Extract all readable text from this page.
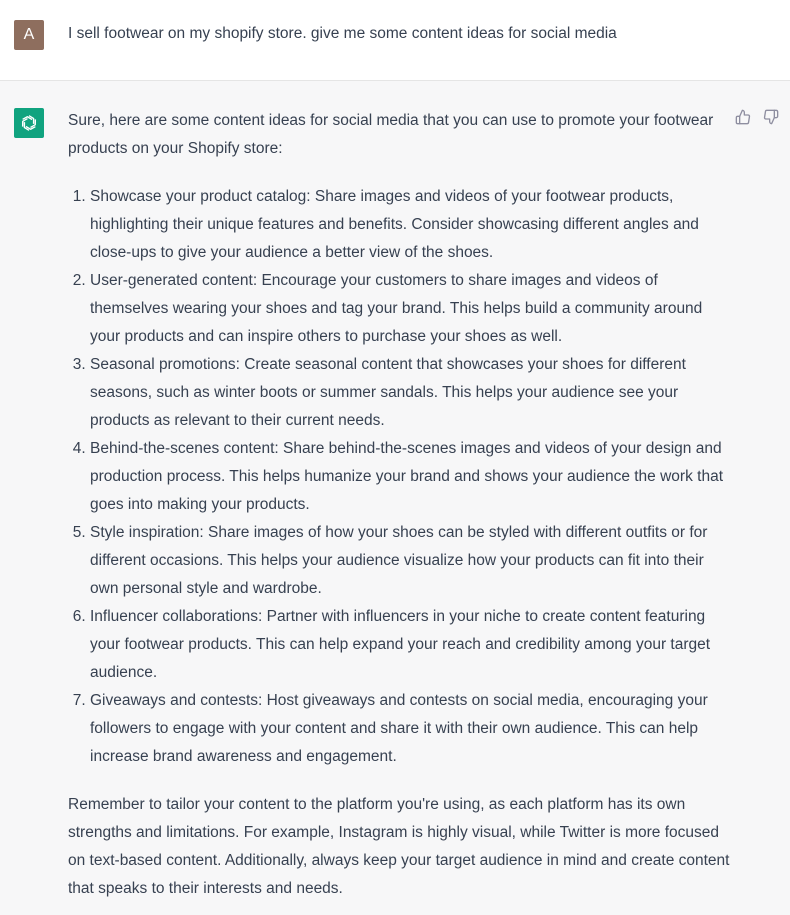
A I sell footwear on my shopify store. give me some content ideas for social media

Sure, here are some content ideas for social media that you can use to promote your footwear products on your Shopify store:

1. Showcase your product catalog: Share images and videos of your footwear products, highlighting their unique features and benefits. Consider showcasing different angles and close-ups to give your audience a better view of the shoes.
2. User-generated content: Encourage your customers to share images and videos of themselves wearing your shoes and tag your brand. This helps build a community around your products and can inspire others to purchase your shoes as well.
3. Seasonal promotions: Create seasonal content that showcases your shoes for different seasons, such as winter boots or summer sandals. This helps your audience see your products as relevant to their current needs.
4. Behind-the-scenes content: Share behind-the-scenes images and videos of your design and production process. This helps humanize your brand and shows your audience the work that goes into making your products.
5. Style inspiration: Share images of how your shoes can be styled with different outfits or for different occasions. This helps your audience visualize how your products can fit into their own personal style and wardrobe.
6. Influencer collaborations: Partner with influencers in your niche to create content featuring your footwear products. This can help expand your reach and credibility among your target audience.
7. Giveaways and contests: Host giveaways and contests on social media, encouraging your followers to engage with your content and share it with their own audience. This can help increase brand awareness and engagement.

Remember to tailor your content to the platform you're using, as each platform has its own strengths and limitations. For example, Instagram is highly visual, while Twitter is more focused on text-based content. Additionally, always keep your target audience in mind and create content that speaks to their interests and needs.
